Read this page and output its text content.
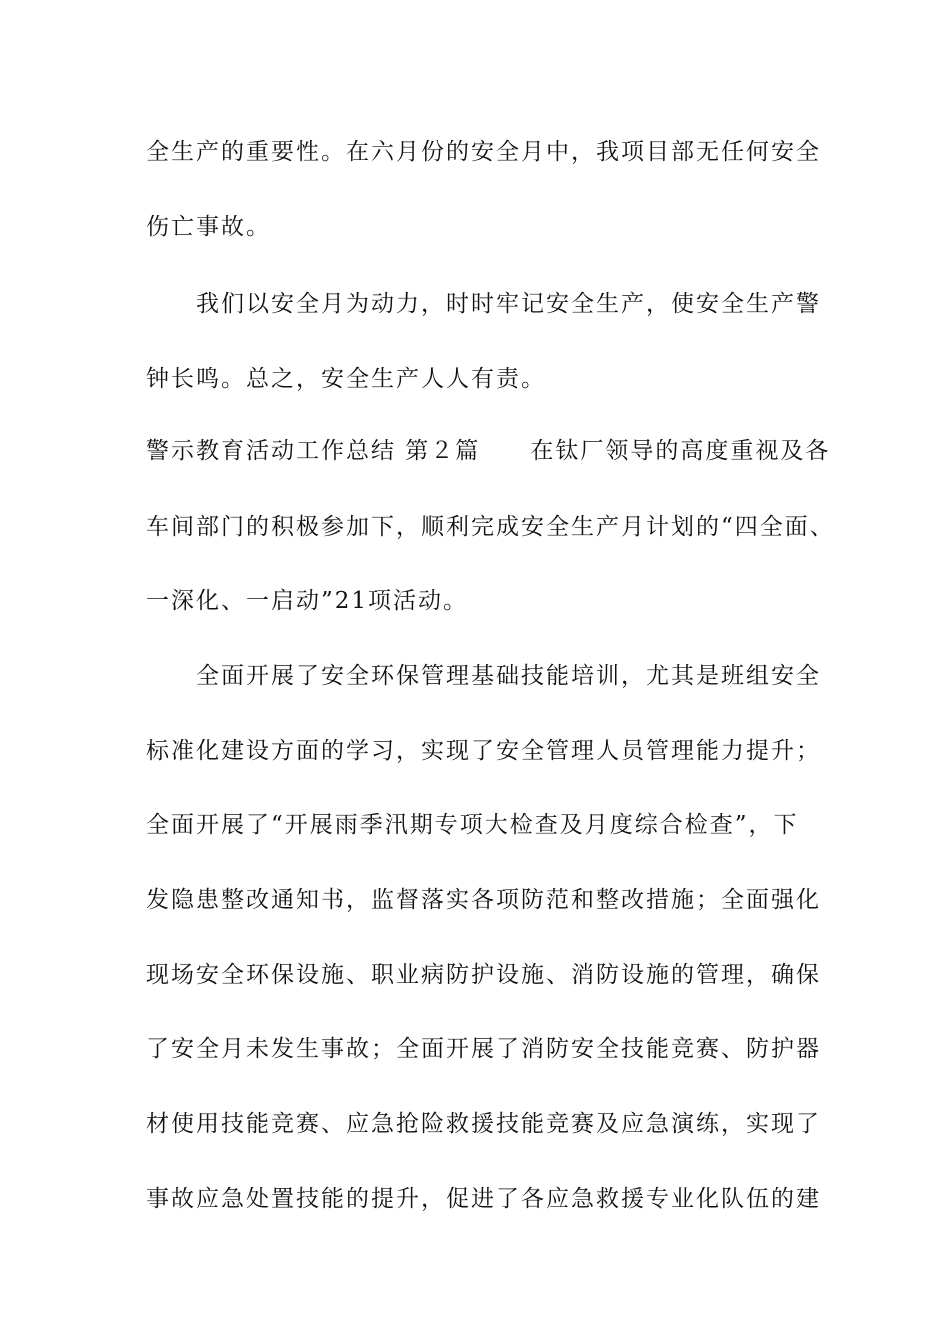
全生产的重要性。在六月份的安全月中，我项目部无任何安全
伤亡事故。
我们以安全月为动力，时时牢记安全生产，使安全生产警
钟长鸣。总之，安全生产人人有责。
警示教育活动工作总结 第２篇 在钛厂领导的高度重视及各
车间部门的积极参加下，顺利完成安全生产月计划的“四全面、
一深化、一启动”21项活动。
全面开展了安全环保管理基础技能培训，尤其是班组安全
标准化建设方面的学习，实现了安全管理人员管理能力提升；
全面开展了“开展雨季汛期专项大检查及月度综合检查”，下
发隐患整改通知书，监督落实各项防范和整改措施；全面强化
现场安全环保设施、职业病防护设施、消防设施的管理，确保
了安全月未发生事故；全面开展了消防安全技能竞赛、防护器
材使用技能竞赛、应急抢险救援技能竞赛及应急演练，实现了
事故应急处置技能的提升，促进了各应急救援专业化队伍的建
